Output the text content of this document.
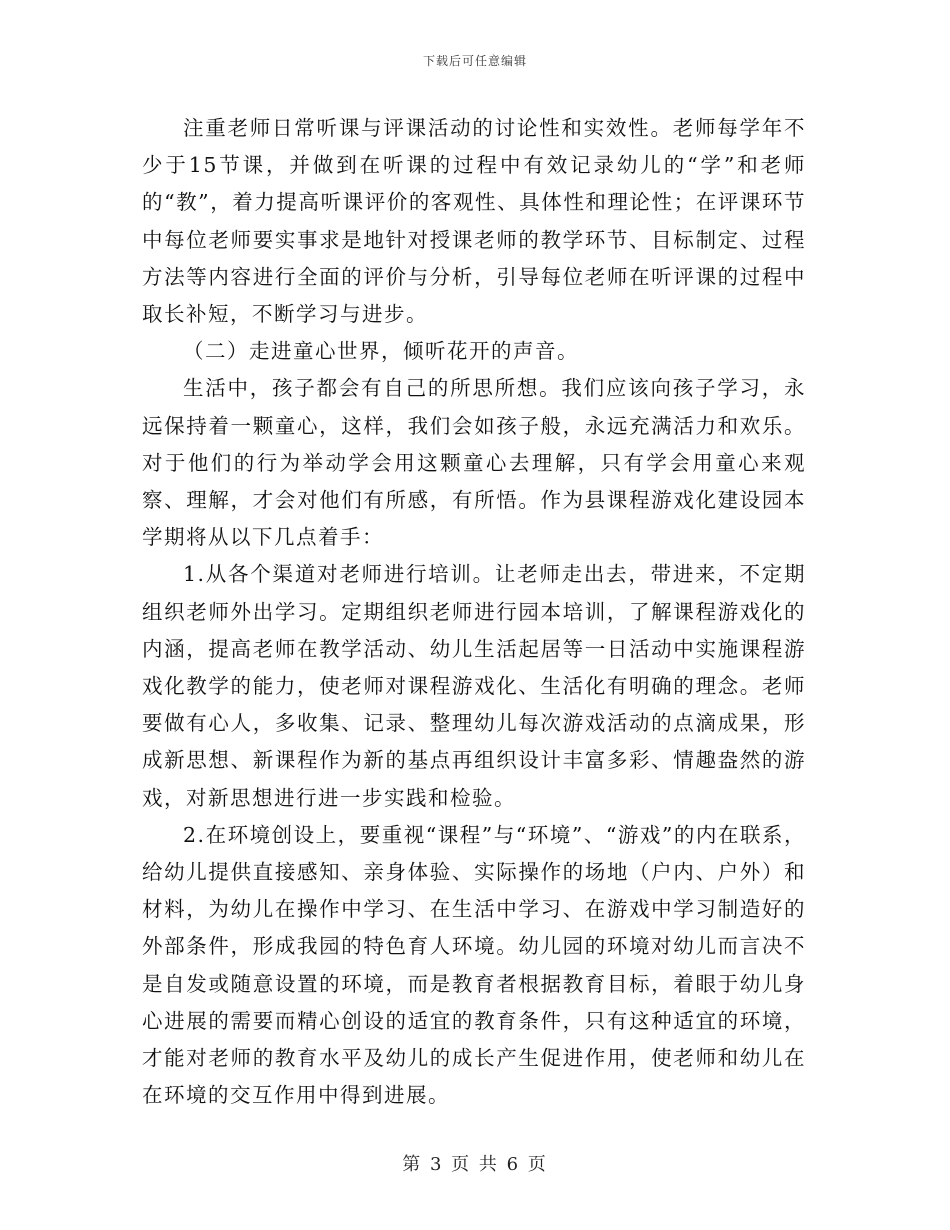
下载后可任意编辑

注重老师日常听课与评课活动的讨论性和实效性。老师每学年不少于15节课，并做到在听课的过程中有效记录幼儿的“学”和老师的“教”，着力提高听课评价的客观性、具体性和理论性；在评课环节中每位老师要实事求是地针对授课老师的教学环节、目标制定、过程方法等内容进行全面的评价与分析，引导每位老师在听评课的过程中取长补短，不断学习与进步。

（二）走进童心世界，倾听花开的声音。

生活中，孩子都会有自己的所思所想。我们应该向孩子学习，永远保持着一颗童心，这样，我们会如孩子般，永远充满活力和欢乐。对于他们的行为举动学会用这颗童心去理解，只有学会用童心来观察、理解，才会对他们有所感，有所悟。作为县课程游戏化建设园本学期将从以下几点着手：

1.从各个渠道对老师进行培训。让老师走出去，带进来，不定期组织老师外出学习。定期组织老师进行园本培训，了解课程游戏化的内涵，提高老师在教学活动、幼儿生活起居等一日活动中实施课程游戏化教学的能力，使老师对课程游戏化、生活化有明确的理念。老师要做有心人，多收集、记录、整理幼儿每次游戏活动的点滴成果，形成新思想、新课程作为新的基点再组织设计丰富多彩、情趣盎然的游戏，对新思想进行进一步实践和检验。

2.在环境创设上，要重视“课程”与“环境”、“游戏”的内在联系，给幼儿提供直接感知、亲身体验、实际操作的场地（户内、户外）和材料，为幼儿在操作中学习、在生活中学习、在游戏中学习制造好的外部条件，形成我园的特色育人环境。幼儿园的环境对幼儿而言决不是自发或随意设置的环境，而是教育者根据教育目标，着眼于幼儿身心进展的需要而精心创设的适宜的教育条件，只有这种适宜的环境，才能对老师的教育水平及幼儿的成长产生促进作用，使老师和幼儿在在环境的交互作用中得到进展。

第 3 页 共 6 页
